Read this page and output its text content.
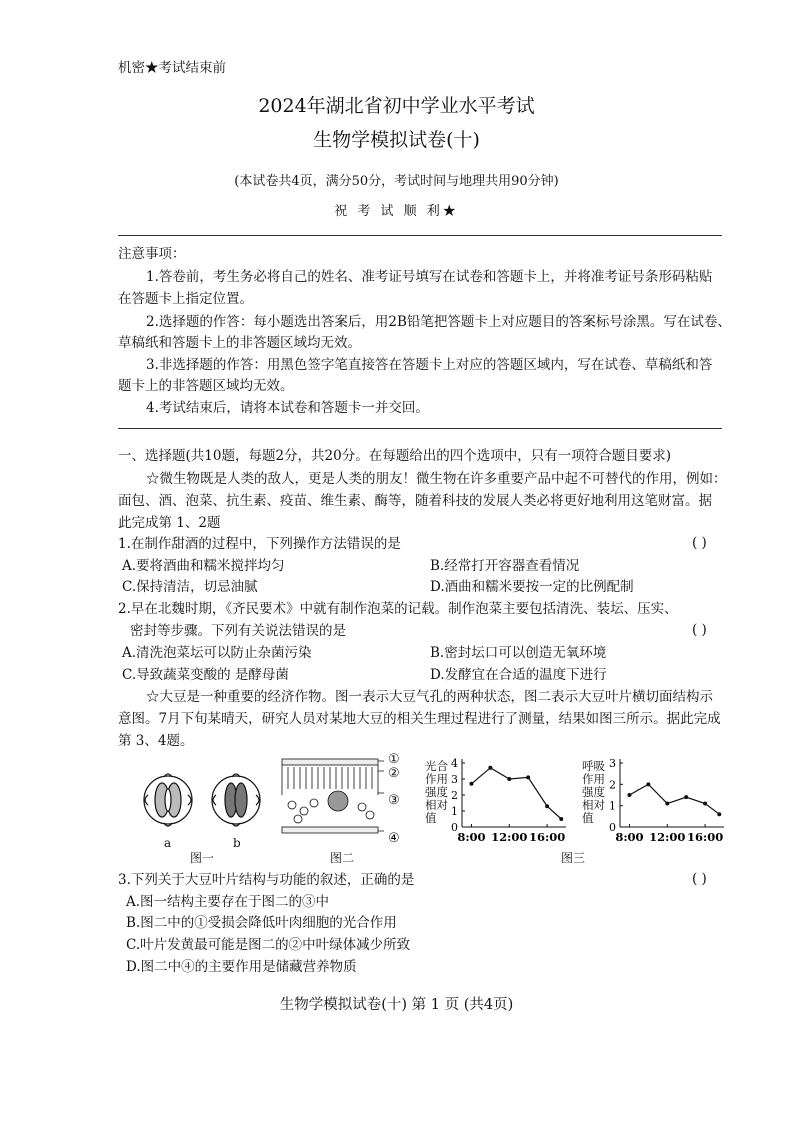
机密★考试结束前
2024年湖北省初中学业水平考试
生物学模拟试卷(十)
(本试卷共4页，满分50分，考试时间与地理共用90分钟)
祝 考 试 顺 利★
注意事项：
1.答卷前，考生务必将自己的姓名、准考证号填写在试卷和答题卡上，并将准考证号条形码粘贴
在答题卡上指定位置。
2.选择题的作答：每小题选出答案后，用2B铅笔把答题卡上对应题目的答案标号涂黑。写在试卷、
草稿纸和答题卡上的非答题区域均无效。
3.非选择题的作答：用黑色签字笔直接答在答题卡上对应的答题区域内，写在试卷、草稿纸和答
题卡上的非答题区域均无效。
4.考试结束后，请将本试卷和答题卡一并交回。
一、选择题(共10题，每题2分，共20分。在每题给出的四个选项中，只有一项符合题目要求)
☆微生物既是人类的敌人，更是人类的朋友！微生物在许多重要产品中起不可替代的作用，例如：
面包、酒、泡菜、抗生素、疫苗、维生素、酶等，随着科技的发展人类必将更好地利用这笔财富。据
此完成第 1、2题
1.在制作甜酒的过程中，下列操作方法错误的是	( )
A.要将酒曲和糯米搅拌均匀	B.经常打开容器查看情况
C.保持清洁，切忌油腻	D.酒曲和糯米要按一定的比例配制
2.早在北魏时期，《齐民要术》中就有制作泡菜的记载。制作泡菜主要包括清洗、装坛、压实、
密封等步骤。下列有关说法错误的是	( )
A.清洗泡菜坛可以防止杂菌污染	B.密封坛口可以创造无氧环境
C.导致蔬菜变酸的 是酵母菌	D.发酵宜在合适的温度下进行
☆大豆是一种重要的经济作物。图一表示大豆气孔的两种状态，图二表示大豆叶片横切面结构示
意图。7月下旬某晴天，研究人员对某地大豆的相关生理过程进行了测量，结果如图三所示。据此完成
第 3、4题。
a	b
图一
①
②
③
④
图二
光合
作用
强度
相对
值
0
1
2
3
4
8:00 12:00 16:00
呼吸
作用
强度
相对
值
0
1
2
3
8:00 12:00 16:00
图三
3.下列关于大豆叶片结构与功能的叙述，正确的是	( )
A.图一结构主要存在于图二的③中
B.图二中的①受损会降低叶肉细胞的光合作用
C.叶片发黄最可能是图二的②中叶绿体减少所致
D.图二中④的主要作用是储藏营养物质
生物学模拟试卷(十) 第 1 页 (共4页)
